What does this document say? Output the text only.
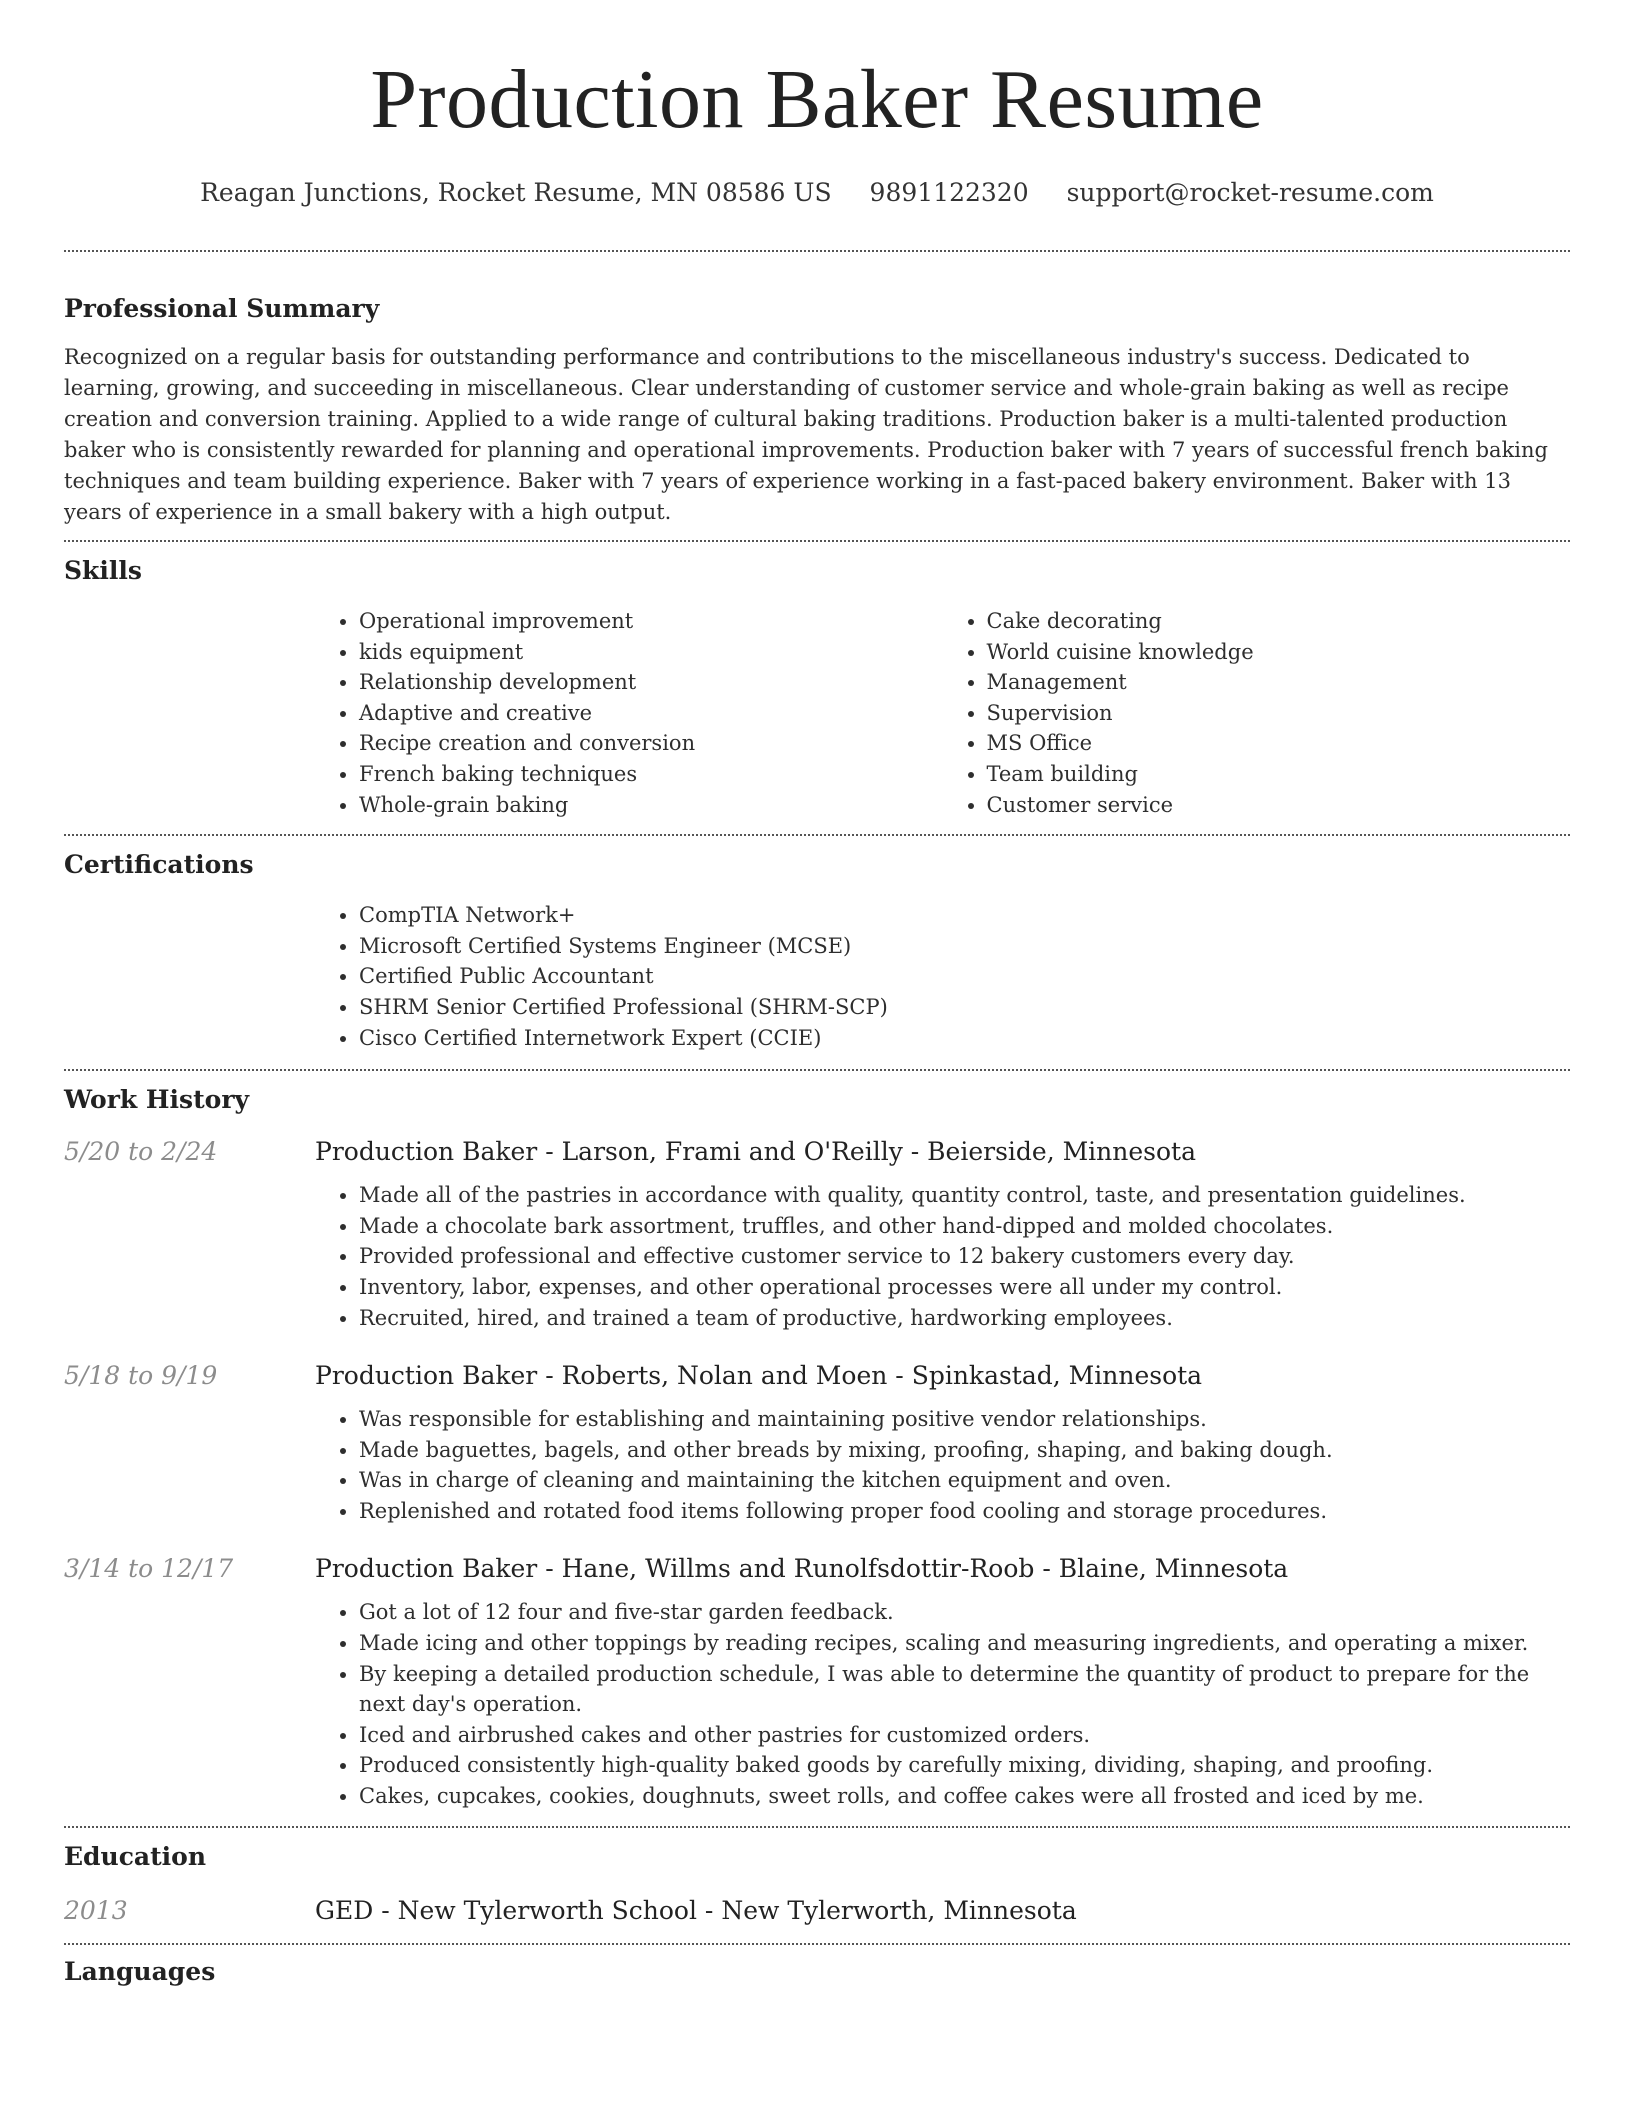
Production Baker Resume
Reagan Junctions, Rocket Resume, MN 08586 US 9891122320 support@rocket-resume.com
Professional Summary

Recognized on a regular basis for outstanding performance and contributions to the miscellaneous industry's success. Dedicated to learning, growing, and succeeding in miscellaneous. Clear understanding of customer service and whole-grain baking as well as recipe creation and conversion training. Applied to a wide range of cultural baking traditions. Production baker is a multi-talented production baker who is consistently rewarded for planning and operational improvements. Production baker with 7 years of successful french baking techniques and team building experience. Baker with 7 years of experience working in a fast-paced bakery environment. Baker with 13 years of experience in a small bakery with a high output.

Skills
• Operational improvement
• kids equipment
• Relationship development
• Adaptive and creative
• Recipe creation and conversion
• French baking techniques
• Whole-grain baking
• Cake decorating
• World cuisine knowledge
• Management
• Supervision
• MS Office
• Team building
• Customer service
Certifications
• CompTIA Network+
• Microsoft Certified Systems Engineer (MCSE)
• Certified Public Accountant
• SHRM Senior Certified Professional (SHRM-SCP)
• Cisco Certified Internetwork Expert (CCIE)
Work History
5/20 to 2/24	Production Baker - Larson, Frami and O'Reilly - Beierside, Minnesota
• Made all of the pastries in accordance with quality, quantity control, taste, and presentation guidelines.
• Made a chocolate bark assortment, truffles, and other hand-dipped and molded chocolates.
• Provided professional and effective customer service to 12 bakery customers every day.
• Inventory, labor, expenses, and other operational processes were all under my control.
• Recruited, hired, and trained a team of productive, hardworking employees.
5/18 to 9/19	Production Baker - Roberts, Nolan and Moen - Spinkastad, Minnesota
• Was responsible for establishing and maintaining positive vendor relationships.
• Made baguettes, bagels, and other breads by mixing, proofing, shaping, and baking dough.
• Was in charge of cleaning and maintaining the kitchen equipment and oven.
• Replenished and rotated food items following proper food cooling and storage procedures.
3/14 to 12/17	Production Baker - Hane, Willms and Runolfsdottir-Roob - Blaine, Minnesota
• Got a lot of 12 four and five-star garden feedback.
• Made icing and other toppings by reading recipes, scaling and measuring ingredients, and operating a mixer.
• By keeping a detailed production schedule, I was able to determine the quantity of product to prepare for the next day's operation.
• Iced and airbrushed cakes and other pastries for customized orders.
• Produced consistently high-quality baked goods by carefully mixing, dividing, shaping, and proofing.
• Cakes, cupcakes, cookies, doughnuts, sweet rolls, and coffee cakes were all frosted and iced by me.
Education
2013	GED - New Tylerworth School - New Tylerworth, Minnesota
Languages
